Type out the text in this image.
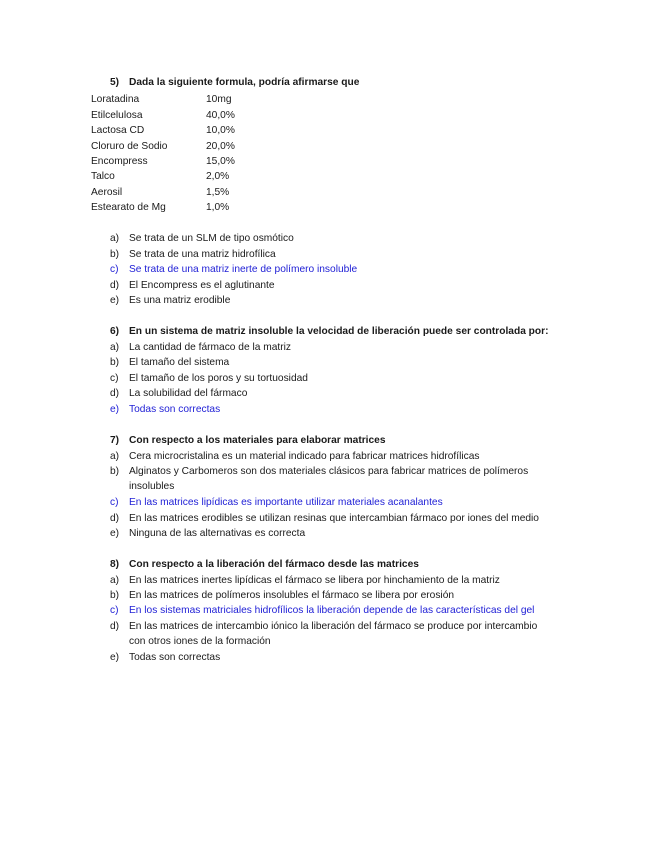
5) Dada la siguiente formula, podría afirmarse que
Loratadina	10mg
Etilcelulosa	40,0%
Lactosa CD	10,0%
Cloruro de Sodio	20,0%
Encompress	15,0%
Talco	2,0%
Aerosil	1,5%
Estearato de Mg	1,0%
a) Se trata de un SLM de tipo osmótico
b) Se trata de una matriz hidrofílica
c) Se trata de una matriz inerte de polímero insoluble
d) El Encompress es el aglutinante
e) Es una matriz erodible
6) En un sistema de matriz insoluble la velocidad de liberación puede ser controlada por:
a) La cantidad de fármaco de la matriz
b) El tamaño del sistema
c) El tamaño de los poros y su tortuosidad
d) La solubilidad del fármaco
e) Todas son correctas
7) Con respecto a los materiales para elaborar matrices
a) Cera microcristalina es un material indicado para fabricar matrices hidrofílicas
b) Alginatos y Carbomeros son dos materiales clásicos para fabricar matrices de polímeros
insolubles
c) En las matrices lipídicas es importante utilizar materiales acanalantes
d) En las matrices erodibles se utilizan resinas que intercambian fármaco por iones del medio
e) Ninguna de las alternativas es correcta
8) Con respecto a la liberación del fármaco desde las matrices
a) En las matrices inertes lipídicas el fármaco se libera por hinchamiento de la matriz
b) En las matrices de polímeros insolubles el fármaco se libera por erosión
c) En los sistemas matriciales hidrofílicos la liberación depende de las características del gel
d) En las matrices de intercambio iónico la liberación del fármaco se produce por intercambio
con otros iones de la formación
e) Todas son correctas
